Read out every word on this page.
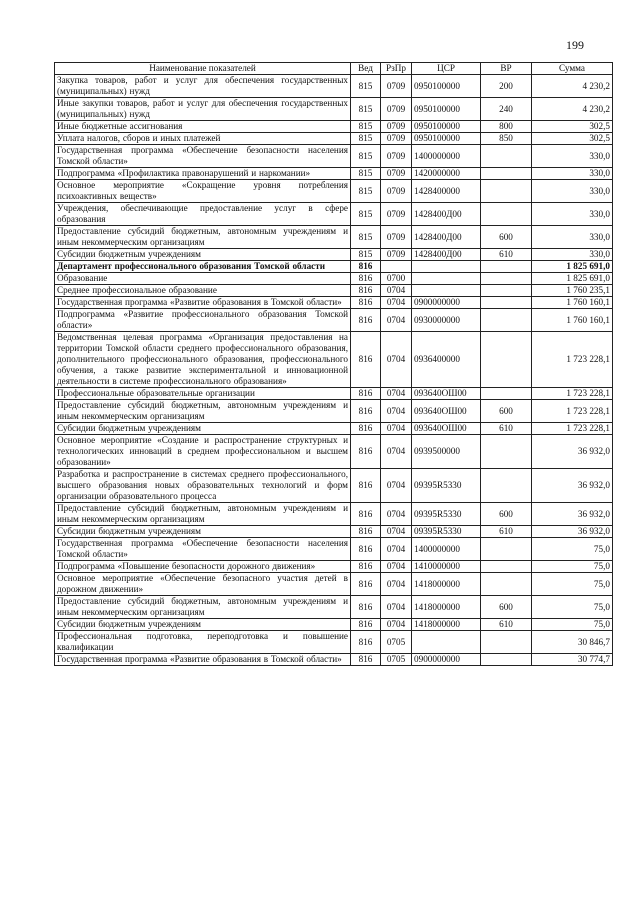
199
Наименование показателей	Вед	РзПр	ЦСР	ВР	Сумма
Закупка товаров, работ и услуг для обеспечения государственных (муниципальных) нужд	815	0709	0950100000	200	4 230,2
Иные закупки товаров, работ и услуг для обеспечения государственных (муниципальных) нужд	815	0709	0950100000	240	4 230,2
Иные бюджетные ассигнования	815	0709	0950100000	800	302,5
Уплата налогов, сборов и иных платежей	815	0709	0950100000	850	302,5
Государственная программа «Обеспечение безопасности населения Томской области»	815	0709	1400000000		330,0
Подпрограмма «Профилактика правонарушений и наркомании»	815	0709	1420000000		330,0
Основное мероприятие «Сокращение уровня потребления психоактивных веществ»	815	0709	1428400000		330,0
Учреждения, обеспечивающие предоставление услуг в сфере образования	815	0709	1428400Д00		330,0
Предоставление субсидий бюджетным, автономным учреждениям и иным некоммерческим организациям	815	0709	1428400Д00	600	330,0
Субсидии бюджетным учреждениям	815	0709	1428400Д00	610	330,0
Департамент профессионального образования Томской области	816				1 825 691,0
Образование	816	0700			1 825 691,0
Среднее профессиональное образование	816	0704			1 760 235,1
Государственная программа «Развитие образования в Томской области»	816	0704	0900000000		1 760 160,1
Подпрограмма «Развитие профессионального образования Томской области»	816	0704	0930000000		1 760 160,1
Ведомственная целевая программа «Организация предоставления на территории Томской области среднего профессионального образования, дополнительного профессионального образования, профессионального обучения, а также развитие экспериментальной и инновационной деятельности в системе профессионального образования»	816	0704	0936400000		1 723 228,1
Профессиональные образовательные организации	816	0704	093640ОШ00		1 723 228,1
Предоставление субсидий бюджетным, автономным учреждениям и иным некоммерческим организациям	816	0704	093640ОШ00	600	1 723 228,1
Субсидии бюджетным учреждениям	816	0704	093640ОШ00	610	1 723 228,1
Основное мероприятие «Создание и распространение структурных и технологических инноваций в среднем профессиональном и высшем образовании»	816	0704	0939500000		36 932,0
Разработка и распространение в системах среднего профессионального, высшего образования новых образовательных технологий и форм организации образовательного процесса	816	0704	09395R5330		36 932,0
Предоставление субсидий бюджетным, автономным учреждениям и иным некоммерческим организациям	816	0704	09395R5330	600	36 932,0
Субсидии бюджетным учреждениям	816	0704	09395R5330	610	36 932,0
Государственная программа «Обеспечение безопасности населения Томской области»	816	0704	1400000000		75,0
Подпрограмма «Повышение безопасности дорожного движения»	816	0704	1410000000		75,0
Основное мероприятие «Обеспечение безопасного участия детей в дорожном движении»	816	0704	1418000000		75,0
Предоставление субсидий бюджетным, автономным учреждениям и иным некоммерческим организациям	816	0704	1418000000	600	75,0
Субсидии бюджетным учреждениям	816	0704	1418000000	610	75,0
Профессиональная подготовка, переподготовка и повышение квалификации	816	0705			30 846,7
Государственная программа «Развитие образования в Томской области»	816	0705	0900000000		30 774,7
